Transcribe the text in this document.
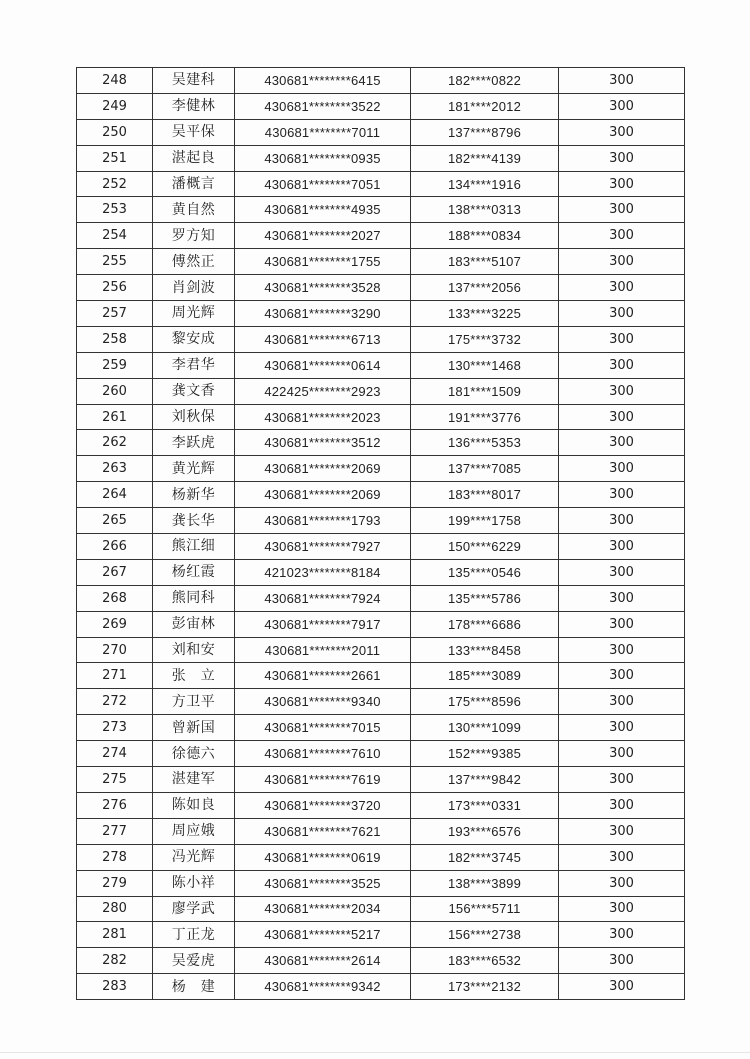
248	吴建科	430681********6415	182****0822	300
249	李健林	430681********3522	181****2012	300
250	吴平保	430681********7011	137****8796	300
251	湛起良	430681********0935	182****4139	300
252	潘概言	430681********7051	134****1916	300
253	黄自然	430681********4935	138****0313	300
254	罗方知	430681********2027	188****0834	300
255	傅然正	430681********1755	183****5107	300
256	肖剑波	430681********3528	137****2056	300
257	周光辉	430681********3290	133****3225	300
258	黎安成	430681********6713	175****3732	300
259	李君华	430681********0614	130****1468	300
260	龚文香	422425********2923	181****1509	300
261	刘秋保	430681********2023	191****3776	300
262	李跃虎	430681********3512	136****5353	300
263	黄光辉	430681********2069	137****7085	300
264	杨新华	430681********2069	183****8017	300
265	龚长华	430681********1793	199****1758	300
266	熊江细	430681********7927	150****6229	300
267	杨红霞	421023********8184	135****0546	300
268	熊同科	430681********7924	135****5786	300
269	彭宙林	430681********7917	178****6686	300
270	刘和安	430681********2011	133****8458	300
271	张　立	430681********2661	185****3089	300
272	方卫平	430681********9340	175****8596	300
273	曾新国	430681********7015	130****1099	300
274	徐德六	430681********7610	152****9385	300
275	湛建军	430681********7619	137****9842	300
276	陈如良	430681********3720	173****0331	300
277	周应娥	430681********7621	193****6576	300
278	冯光辉	430681********0619	182****3745	300
279	陈小祥	430681********3525	138****3899	300
280	廖学武	430681********2034	156****5711	300
281	丁正龙	430681********5217	156****2738	300
282	吴爱虎	430681********2614	183****6532	300
283	杨　建	430681********9342	173****2132	300
